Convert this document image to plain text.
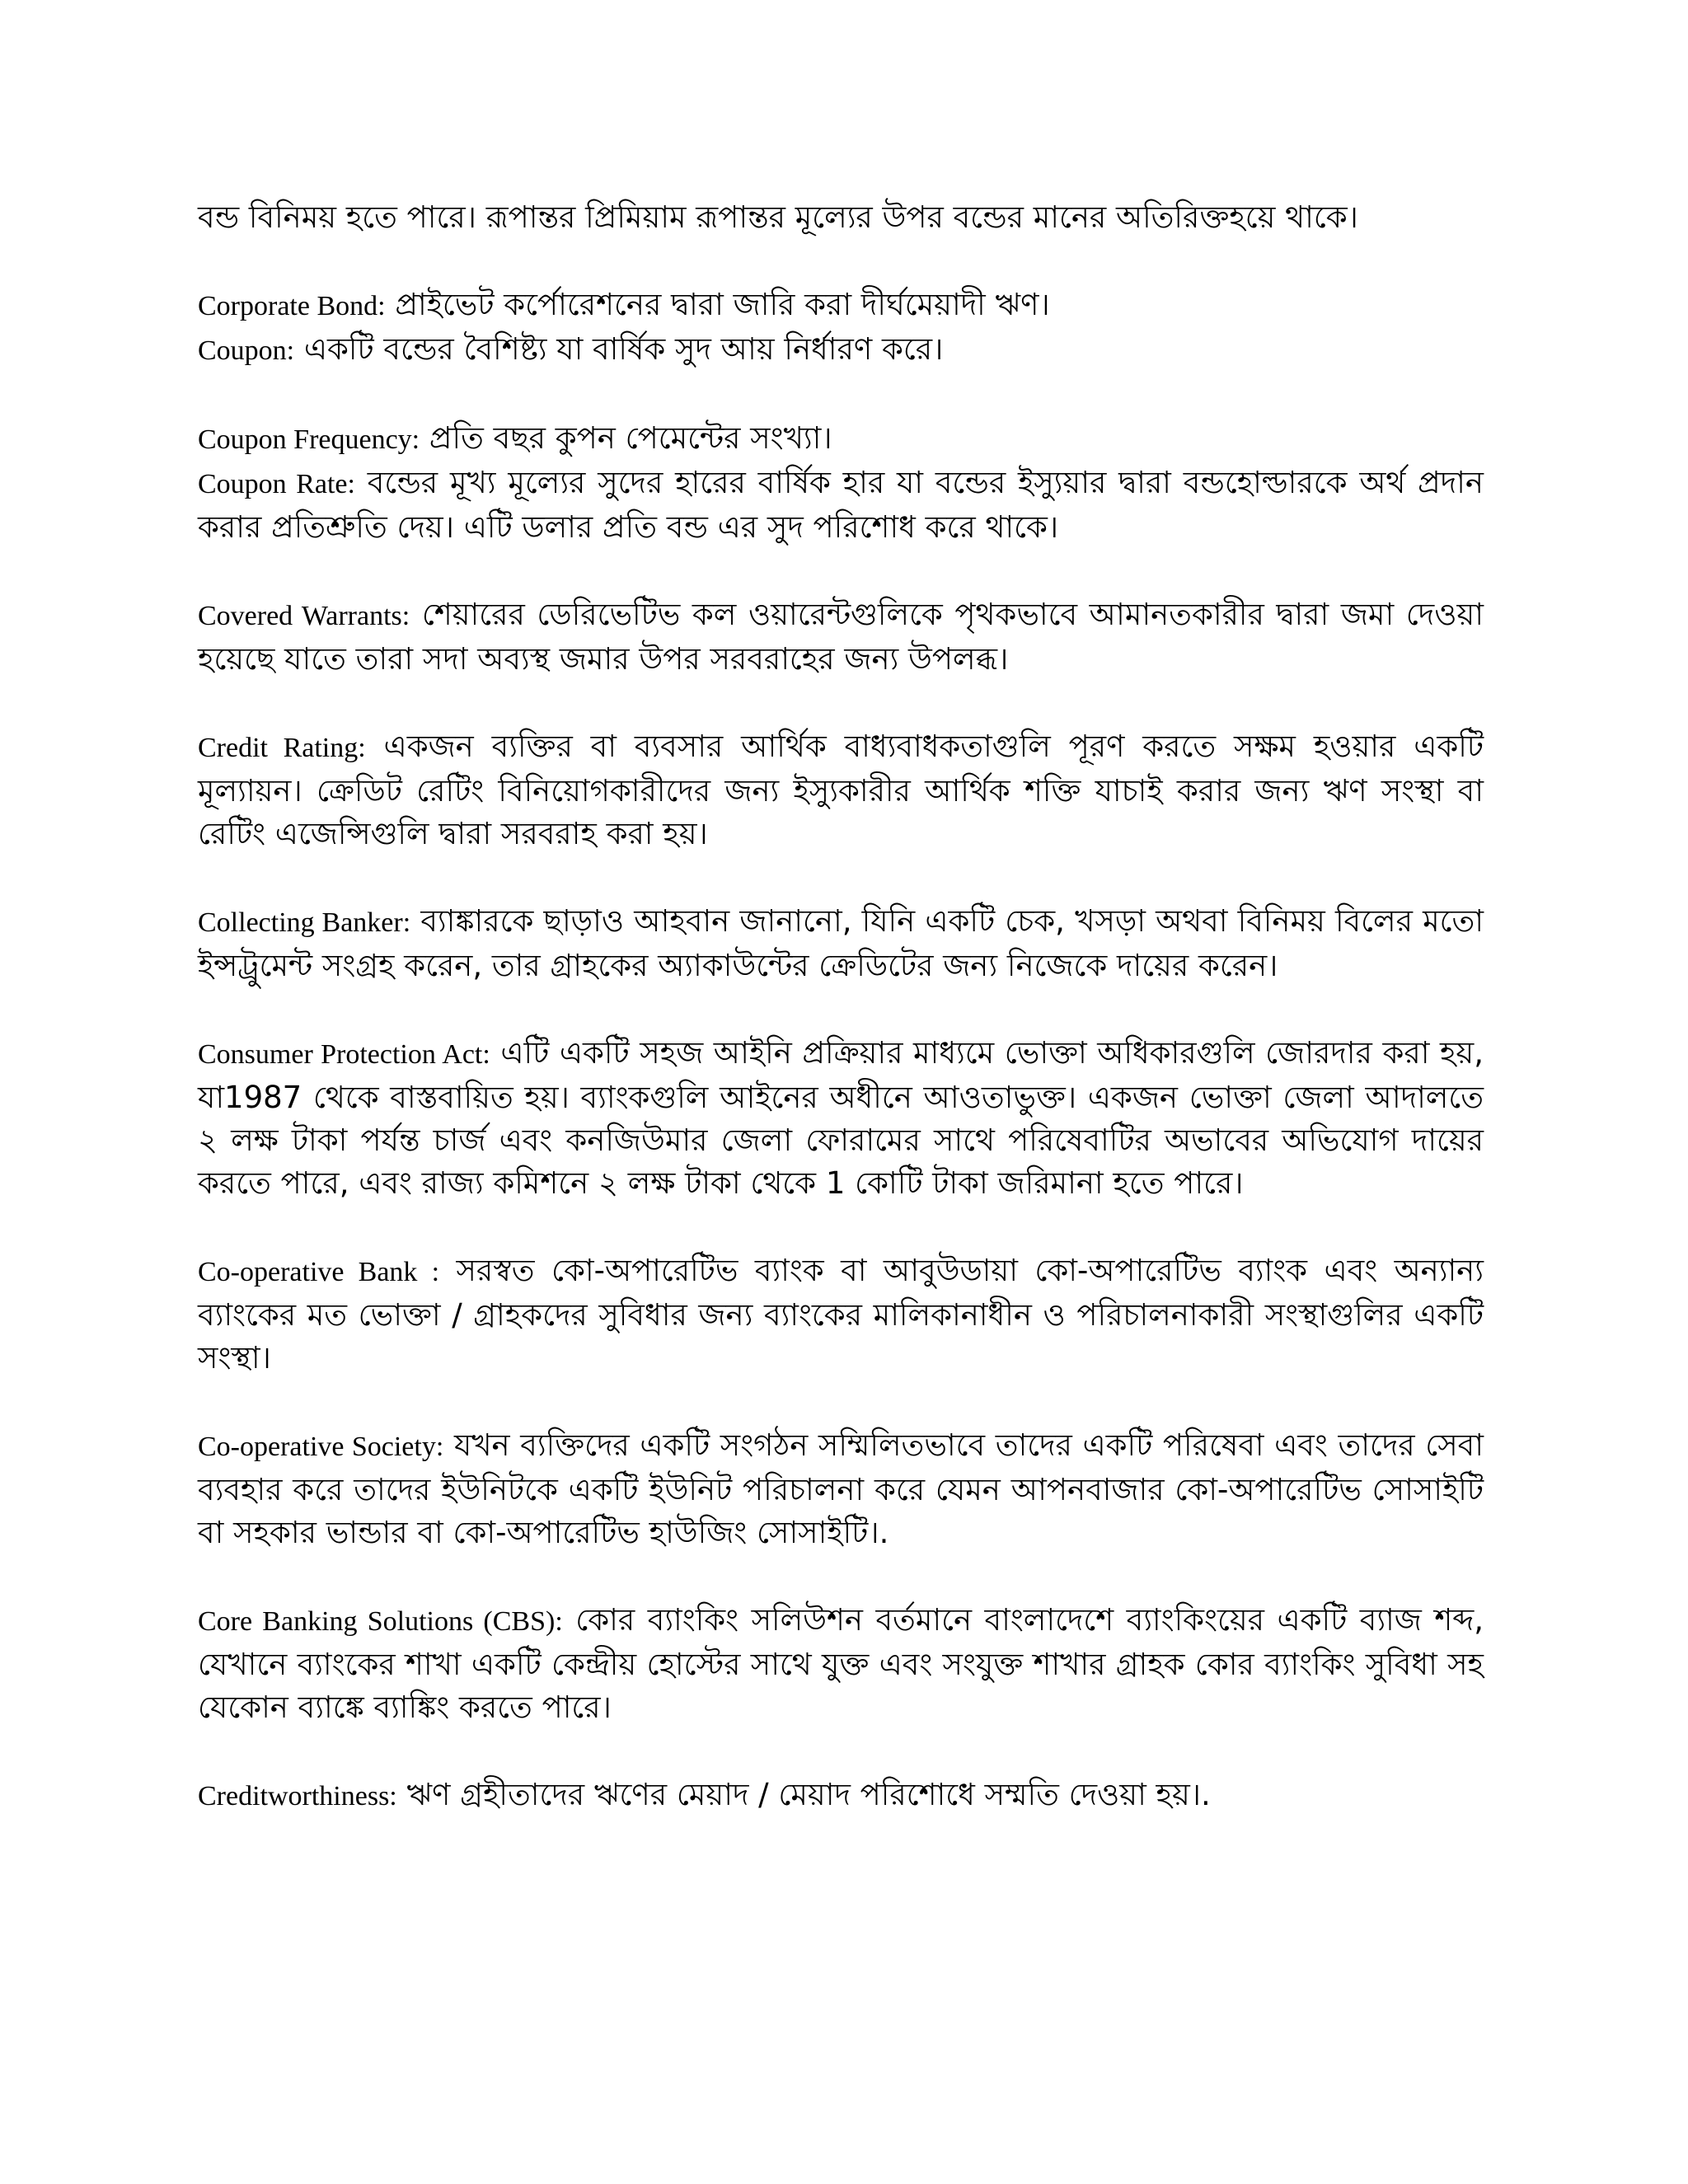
বন্ড বিনিময় হতে পারে। রূপান্তর প্রিমিয়াম রূপান্তর মূল্যের উপর বন্ডের মানের অতিরিক্তহয়ে থাকে।

Corporate Bond: প্রাইভেট কর্পোরেশনের দ্বারা জারি করা দীর্ঘমেয়াদী ঋণ।

Coupon: একটি বন্ডের বৈশিষ্ট্য যা বার্ষিক সুদ আয় নির্ধারণ করে।

Coupon Frequency: প্রতি বছর কুপন পেমেন্টের সংখ্যা।

Coupon Rate: বন্ডের মূখ্য মূল্যের সুদের হারের বার্ষিক হার যা বন্ডের ইস্যুয়ার দ্বারা বন্ডহোল্ডারকে অর্থ প্রদান করার প্রতিশ্রুতি দেয়। এটি ডলার প্রতি বন্ড এর সুদ পরিশোধ করে থাকে।

Covered Warrants: শেয়ারের ডেরিভেটিভ কল ওয়ারেন্টগুলিকে পৃথকভাবে আমানতকারীর দ্বারা জমা দেওয়া হয়েছে যাতে তারা সদা অব্যস্থ জমার উপর সরবরাহের জন্য উপলব্ধ।

Credit Rating: একজন ব্যক্তির বা ব্যবসার আর্থিক বাধ্যবাধকতাগুলি পূরণ করতে সক্ষম হওয়ার একটি মূল্যায়ন। ক্রেডিট রেটিং বিনিয়োগকারীদের জন্য ইস্যুকারীর আর্থিক শক্তি যাচাই করার জন্য ঋণ সংস্থা বা রেটিং এজেন্সিগুলি দ্বারা সরবরাহ করা হয়।

Collecting Banker: ব্যাঙ্কারকে ছাড়াও আহবান জানানো, যিনি একটি চেক, খসড়া অথবা বিনিময় বিলের মতো ইন্সট্রুমেন্ট সংগ্রহ করেন, তার গ্রাহকের অ্যাকাউন্টের ক্রেডিটের জন্য নিজেকে দায়ের করেন।

Consumer Protection Act: এটি একটি সহজ আইনি প্রক্রিয়ার মাধ্যমে ভোক্তা অধিকারগুলি জোরদার করা হয়, যা1987 থেকে বাস্তবায়িত হয়। ব্যাংকগুলি আইনের অধীনে আওতাভুক্ত। একজন ভোক্তা জেলা আদালতে ২ লক্ষ টাকা পর্যন্ত চার্জ এবং কনজিউমার জেলা ফোরামের সাথে পরিষেবাটির অভাবের অভিযোগ দায়ের করতে পারে, এবং রাজ্য কমিশনে ২ লক্ষ টাকা থেকে 1 কোটি টাকা জরিমানা হতে পারে।

Co-operative Bank : সরস্বত কো-অপারেটিভ ব্যাংক বা আবুউডায়া কো-অপারেটিভ ব্যাংক এবং অন্যান্য ব্যাংকের মত ভোক্তা / গ্রাহকদের সুবিধার জন্য ব্যাংকের মালিকানাধীন ও পরিচালনাকারী সংস্থাগুলির একটি সংস্থা।

Co-operative Society: যখন ব্যক্তিদের একটি সংগঠন সম্মিলিতভাবে তাদের একটি পরিষেবা এবং তাদের সেবা ব্যবহার করে তাদের ইউনিটকে একটি ইউনিট পরিচালনা করে যেমন আপনবাজার কো-অপারেটিভ সোসাইটি বা সহকার ভান্ডার বা কো-অপারেটিভ হাউজিং সোসাইটি।.

Core Banking Solutions (CBS): কোর ব্যাংকিং সলিউশন বর্তমানে বাংলাদেশে ব্যাংকিংয়ের একটি ব্যাজ শব্দ, যেখানে ব্যাংকের শাখা একটি কেন্দ্রীয় হোস্টের সাথে যুক্ত এবং সংযুক্ত শাখার গ্রাহক কোর ব্যাংকিং সুবিধা সহ যেকোন ব্যাঙ্কে ব্যাঙ্কিং করতে পারে।

Creditworthiness: ঋণ গ্রহীতাদের ঋণের মেয়াদ / মেয়াদ পরিশোধে সম্মতি দেওয়া হয়।.
